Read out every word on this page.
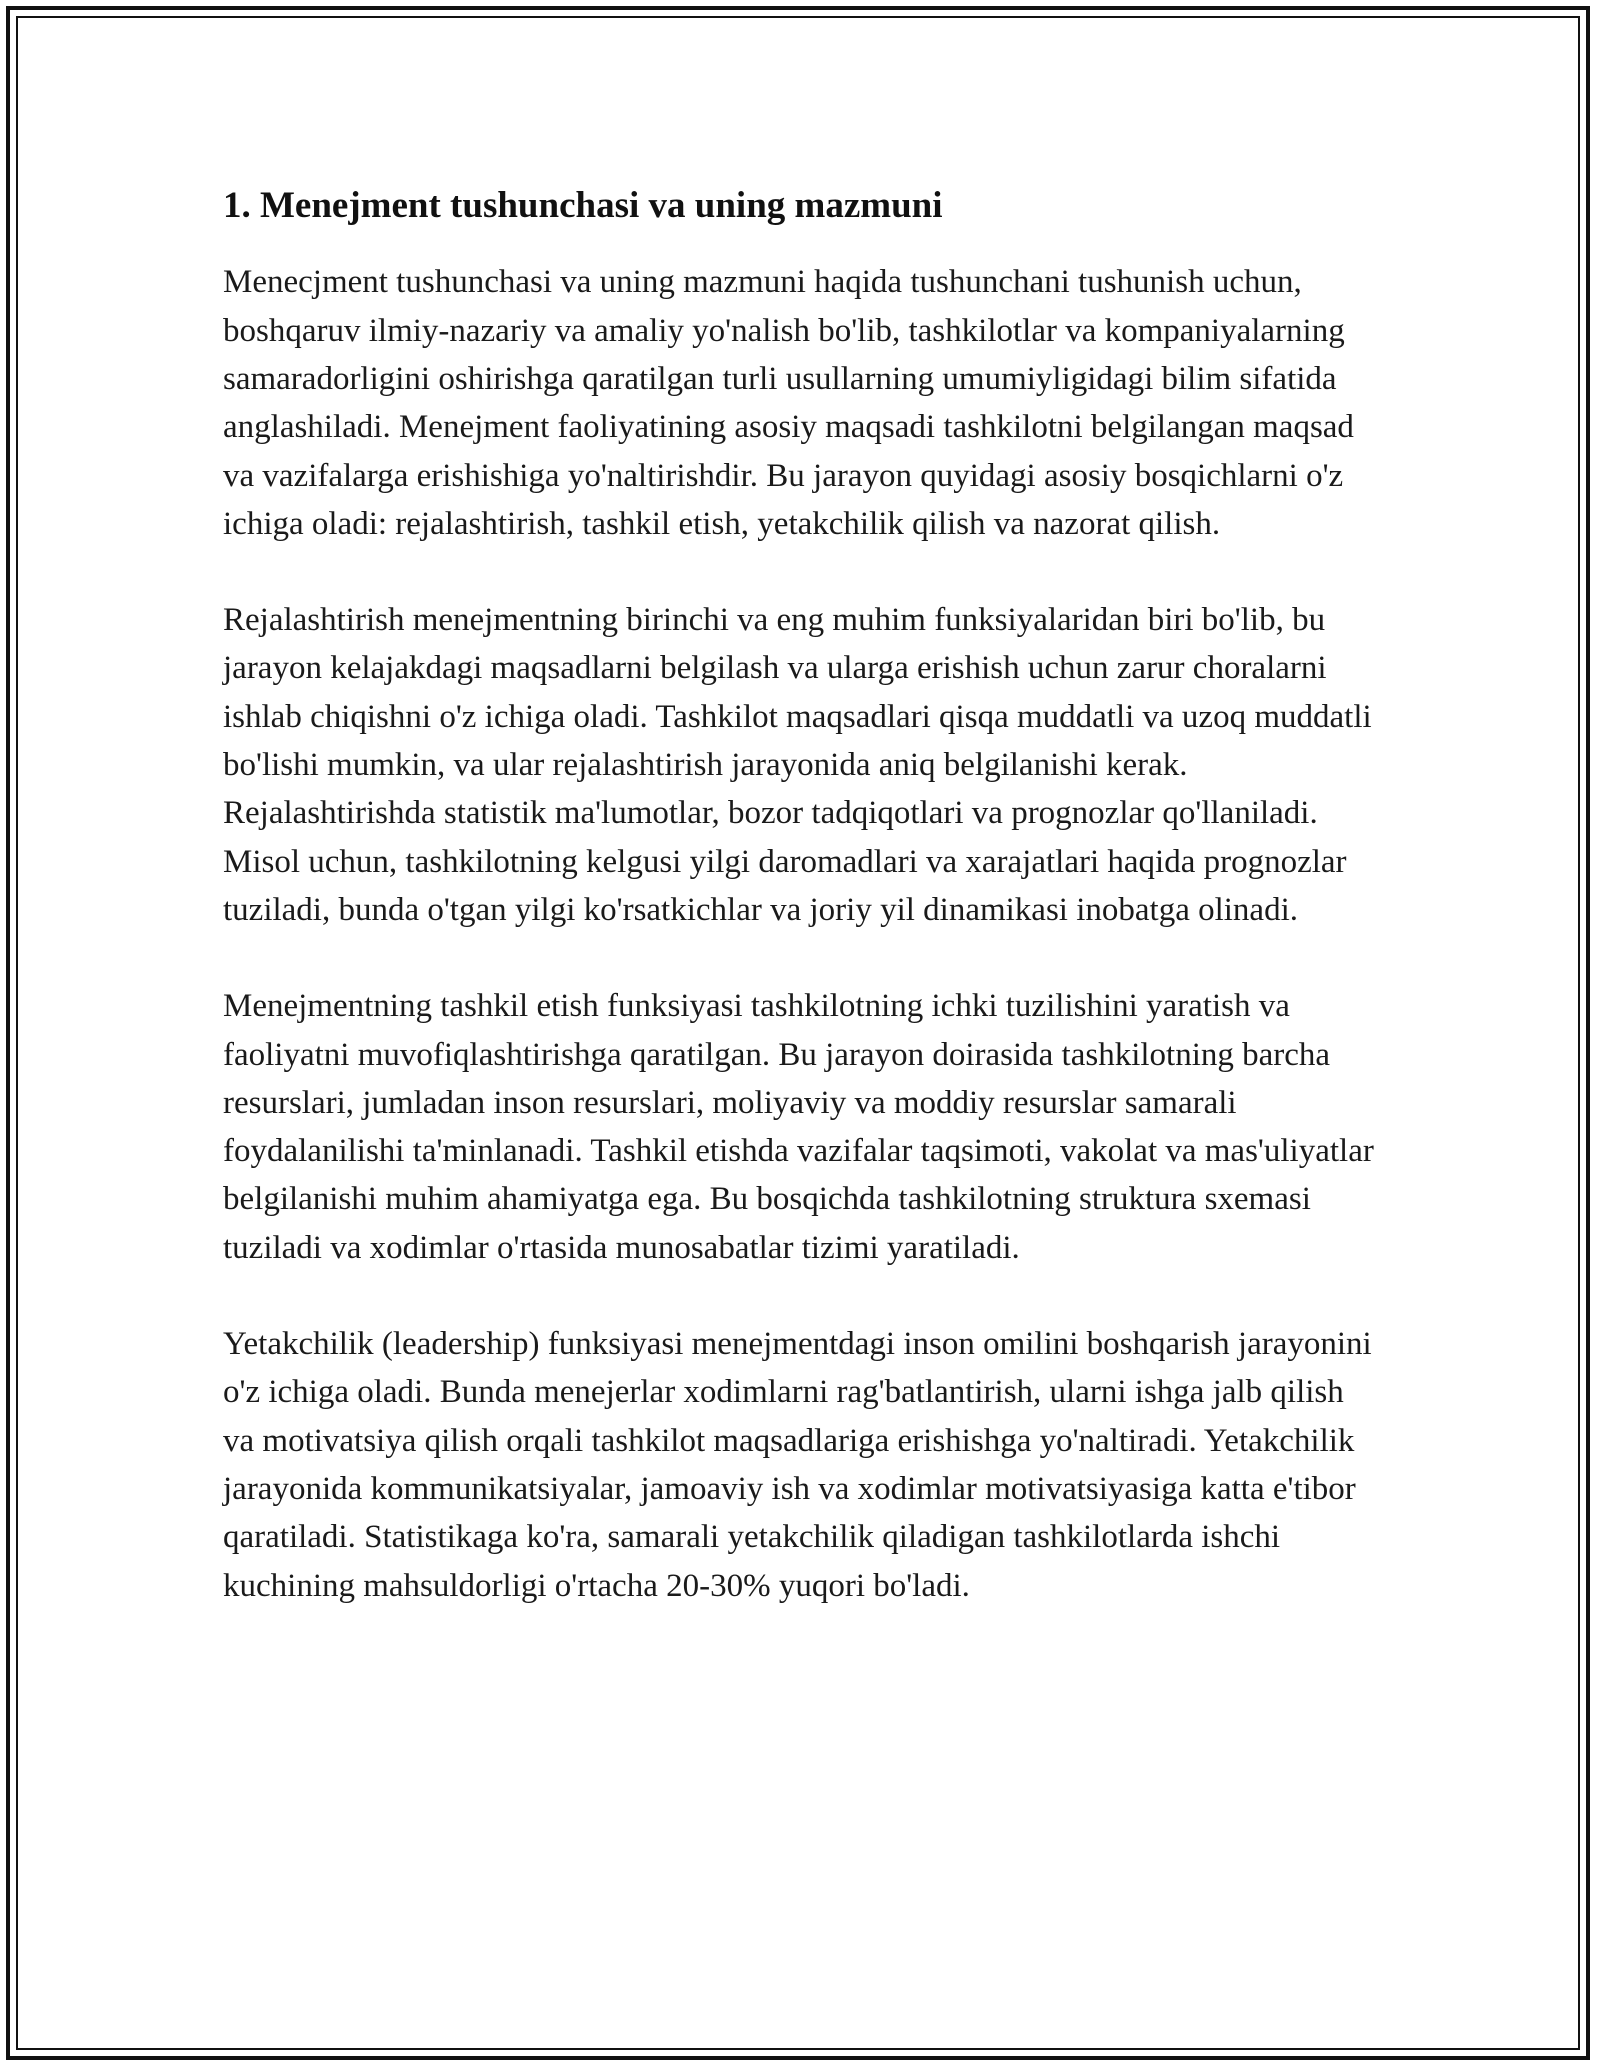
1. Menejment tushunchasi va uning mazmuni

Menecjment tushunchasi va uning mazmuni haqida tushunchani tushunish uchun, boshqaruv ilmiy-nazariy va amaliy yo'nalish bo'lib, tashkilotlar va kompaniyalarning samaradorligini oshirishga qaratilgan turli usullarning umumiyligidagi bilim sifatida anglashiladi. Menejment faoliyatining asosiy maqsadi tashkilotni belgilangan maqsad va vazifalarga erishishiga yo'naltirishdir. Bu jarayon quyidagi asosiy bosqichlarni o'z ichiga oladi: rejalashtirish, tashkil etish, yetakchilik qilish va nazorat qilish.

Rejalashtirish menejmentning birinchi va eng muhim funksiyalaridan biri bo'lib, bu jarayon kelajakdagi maqsadlarni belgilash va ularga erishish uchun zarur choralarni ishlab chiqishni o'z ichiga oladi. Tashkilot maqsadlari qisqa muddatli va uzoq muddatli bo'lishi mumkin, va ular rejalashtirish jarayonida aniq belgilanishi kerak. Rejalashtirishda statistik ma'lumotlar, bozor tadqiqotlari va prognozlar qo'llaniladi. Misol uchun, tashkilotning kelgusi yilgi daromadlari va xarajatlari haqida prognozlar tuziladi, bunda o'tgan yilgi ko'rsatkichlar va joriy yil dinamikasi inobatga olinadi.

Menejmentning tashkil etish funksiyasi tashkilotning ichki tuzilishini yaratish va faoliyatni muvofiqlashtirishga qaratilgan. Bu jarayon doirasida tashkilotning barcha resurslari, jumladan inson resurslari, moliyaviy va moddiy resurslar samarali foydalanilishi ta'minlanadi. Tashkil etishda vazifalar taqsimoti, vakolat va mas'uliyatlar belgilanishi muhim ahamiyatga ega. Bu bosqichda tashkilotning struktura sxemasi tuziladi va xodimlar o'rtasida munosabatlar tizimi yaratiladi.

Yetakchilik (leadership) funksiyasi menejmentdagi inson omilini boshqarish jarayonini o'z ichiga oladi. Bunda menejerlar xodimlarni rag'batlantirish, ularni ishga jalb qilish va motivatsiya qilish orqali tashkilot maqsadlariga erishishga yo'naltiradi. Yetakchilik jarayonida kommunikatsiyalar, jamoaviy ish va xodimlar motivatsiyasiga katta e'tibor qaratiladi. Statistikaga ko'ra, samarali yetakchilik qiladigan tashkilotlarda ishchi kuchining mahsuldorligi o'rtacha 20-30% yuqori bo'ladi.
